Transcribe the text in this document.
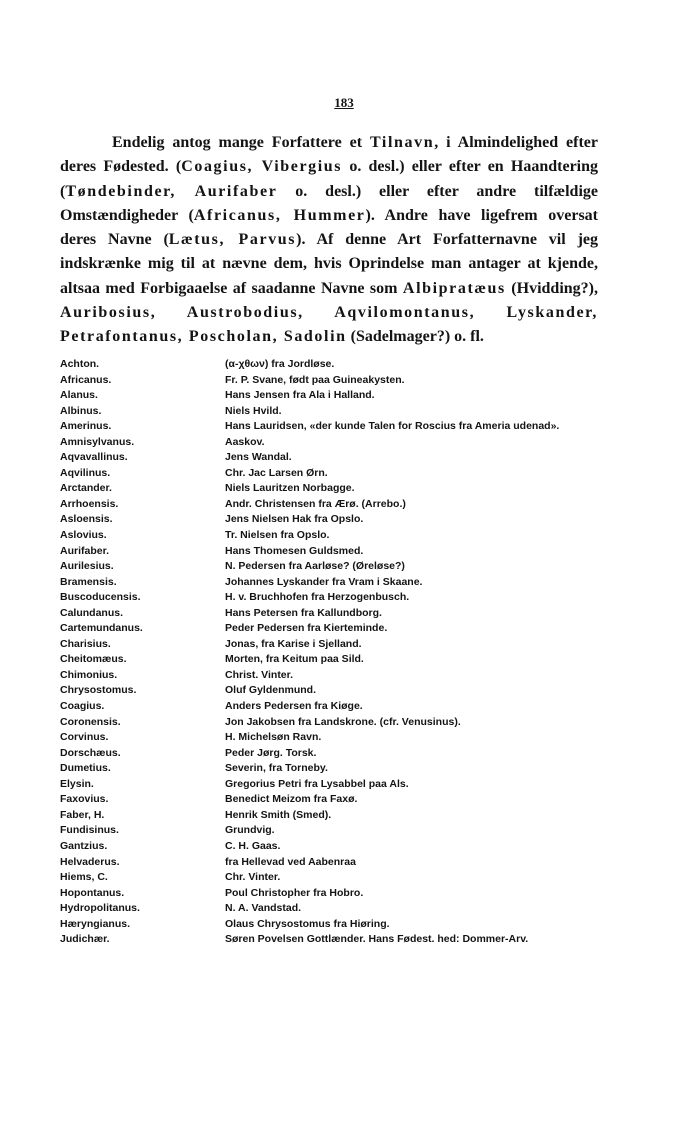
183
Endelig antog mange Forfattere et Tilnavn, i Almindelighed efter deres Fødested. (Coagius, Vibergius o. desl.) eller efter en Haandtering (Tøndebinder, Aurifaber o. desl.) eller efter andre tilfældige Omstændigheder (Africanus, Hummer). Andre have ligefrem oversat deres Navne (Lætus, Parvus). Af denne Art Forfatternavne vil jeg indskrænke mig til at nævne dem, hvis Oprindelse man antager at kjende, altsaa med Forbigaaelse af saadanne Navne som Albipratæus (Hvidding?), Auribosius, Austrobodius, Aqvilomontanus, Lyskander, Petrafontanus, Poscholan, Sadolin (Sadelmager?) o. fl.
Achton.	(α-χθων) fra Jordløse.
Africanus.	Fr. P. Svane, født paa Guineakysten.
Alanus.	Hans Jensen fra Ala i Halland.
Albinus.	Niels Hvild.
Amerinus.	Hans Lauridsen, «der kunde Talen for Roscius fra Ameria udenad».
Amnisylvanus.	Aaskov.
Aqvavallinus.	Jens Wandal.
Aqvilinus.	Chr. Jac Larsen Ørn.
Arctander.	Niels Lauritzen Norbagge.
Arrhoensis.	Andr. Christensen fra Ærø. (Arrebo.)
Asloensis.	Jens Nielsen Hak fra Opslo.
Aslovius.	Tr. Nielsen fra Opslo.
Aurifaber.	Hans Thomesen Guldsmed.
Aurilesius.	N. Pedersen fra Aarløse? (Øreløse?)
Bramensis.	Johannes Lyskander fra Vram i Skaane.
Buscoducensis.	H. v. Bruchhofen fra Herzogenbusch.
Calundanus.	Hans Petersen fra Kallundborg.
Cartemundanus.	Peder Pedersen fra Kierteminde.
Charisius.	Jonas, fra Karise i Sjelland.
Cheitomæus.	Morten, fra Keitum paa Sild.
Chimonius.	Christ. Vinter.
Chrysostomus.	Oluf Gyldenmund.
Coagius.	Anders Pedersen fra Kiøge.
Coronensis.	Jon Jakobsen fra Landskrone. (cfr. Venusinus).
Corvinus.	H. Michelsøn Ravn.
Dorschæus.	Peder Jørg. Torsk.
Dumetius.	Severin, fra Torneby.
Elysin.	Gregorius Petri fra Lysabbel paa Als.
Faxovius.	Benedict Meizom fra Faxø.
Faber, H.	Henrik Smith (Smed).
Fundisinus.	Grundvig.
Gantzius.	C. H. Gaas.
Helvaderus.	fra Hellevad ved Aabenraa
Hiems, C.	Chr. Vinter.
Hopontanus.	Poul Christopher fra Hobro.
Hydropolitanus.	N. A. Vandstad.
Hæryngianus.	Olaus Chrysostomus fra Hiøring.
Judichær.	Søren Povelsen Gottlænder. Hans Fødest. hed: Dommer-Arv.
